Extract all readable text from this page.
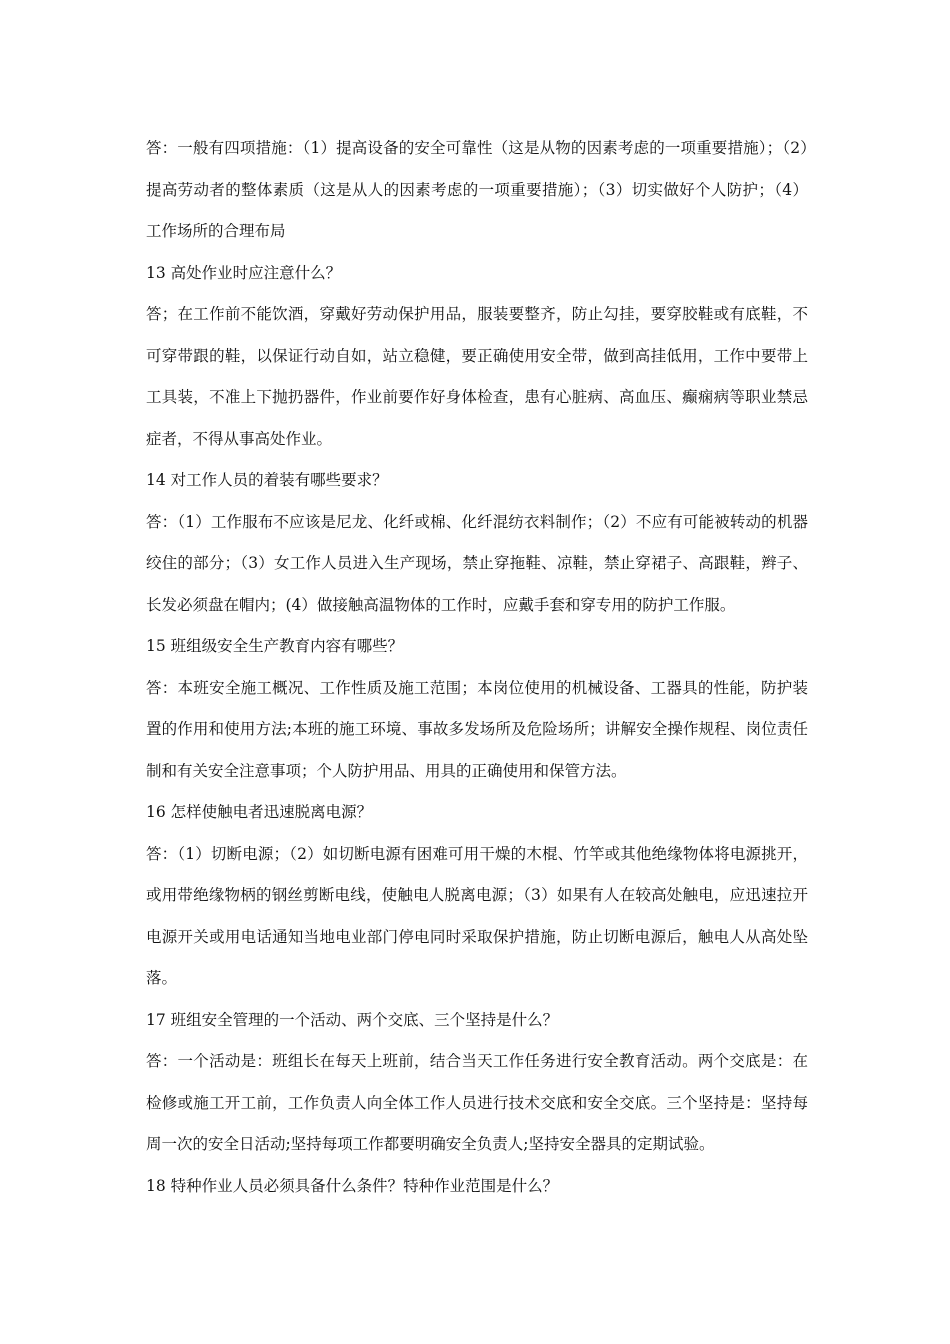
答：一般有四项措施：（1）提高设备的安全可靠性（这是从物的因素考虑的一项重要措施）；（2）提高劳动者的整体素质（这是从人的因素考虑的一项重要措施）；（3）切实做好个人防护；（4）工作场所的合理布局

13 高处作业时应注意什么？

答；在工作前不能饮酒，穿戴好劳动保护用品，服装要整齐，防止勾挂，要穿胶鞋或有底鞋，不可穿带跟的鞋，以保证行动自如，站立稳健，要正确使用安全带，做到高挂低用，工作中要带上工具装，不准上下抛扔器件，作业前要作好身体检查，患有心脏病、高血压、癫痫病等职业禁忌症者，不得从事高处作业。

14 对工作人员的着装有哪些要求？

答：（1）工作服布不应该是尼龙、化纤或棉、化纤混纺衣料制作；（2）不应有可能被转动的机器绞住的部分；（3）女工作人员进入生产现场，禁止穿拖鞋、凉鞋，禁止穿裙子、高跟鞋，辫子、长发必须盘在帽内；(4）做接触高温物体的工作时，应戴手套和穿专用的防护工作服。

15 班组级安全生产教育内容有哪些？

答：本班安全施工概况、工作性质及施工范围；本岗位使用的机械设备、工器具的性能，防护装置的作用和使用方法;本班的施工环境、事故多发场所及危险场所；讲解安全操作规程、岗位责任制和有关安全注意事项；个人防护用品、用具的正确使用和保管方法。

16 怎样使触电者迅速脱离电源？

答：（1）切断电源；（2）如切断电源有困难可用干燥的木棍、竹竿或其他绝缘物体将电源挑开，或用带绝缘物柄的钢丝剪断电线，使触电人脱离电源；（3）如果有人在较高处触电，应迅速拉开电源开关或用电话通知当地电业部门停电同时采取保护措施，防止切断电源后，触电人从高处坠落。

17 班组安全管理的一个活动、两个交底、三个坚持是什么？

答：一个活动是：班组长在每天上班前，结合当天工作任务进行安全教育活动。两个交底是：在检修或施工开工前，工作负责人向全体工作人员进行技术交底和安全交底。三个坚持是：坚持每周一次的安全日活动;坚持每项工作都要明确安全负责人;坚持安全器具的定期试验。

18 特种作业人员必须具备什么条件？特种作业范围是什么？
